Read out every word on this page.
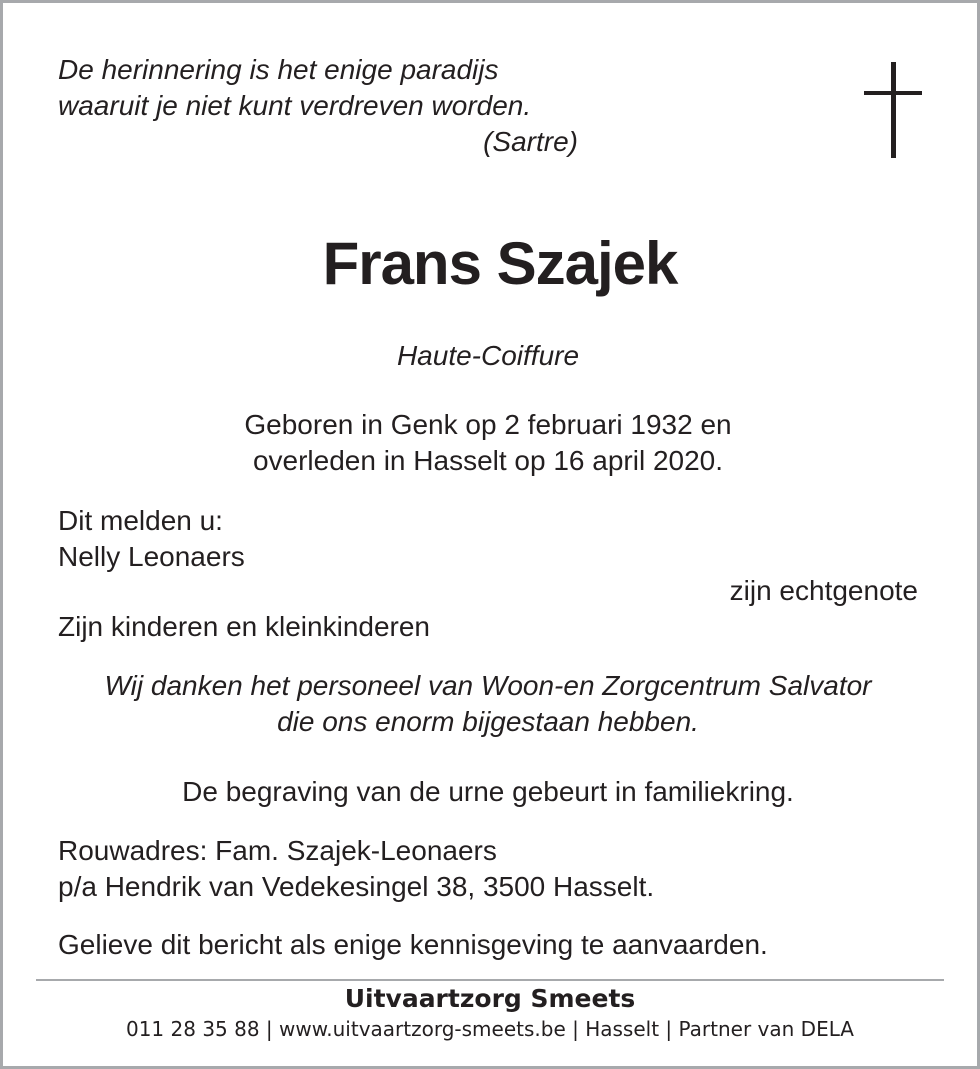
De herinnering is het enige paradijs
waaruit je niet kunt verdreven worden.
(Sartre)
Frans Szajek
Haute-Coiffure
Geboren in Genk op 2 februari 1932 en
overleden in Hasselt op 16 april 2020.
Dit melden u:
Nelly Leonaers
zijn echtgenote
Zijn kinderen en kleinkinderen
Wij danken het personeel van Woon-en Zorgcentrum Salvator
die ons enorm bijgestaan hebben.
De begraving van de urne gebeurt in familiekring.
Rouwadres: Fam. Szajek-Leonaers
p/a Hendrik van Vedekesingel 38, 3500 Hasselt.
Gelieve dit bericht als enige kennisgeving te aanvaarden.
Uitvaartzorg Smeets
011 28 35 88 | www.uitvaartzorg-smeets.be | Hasselt | Partner van DELA
